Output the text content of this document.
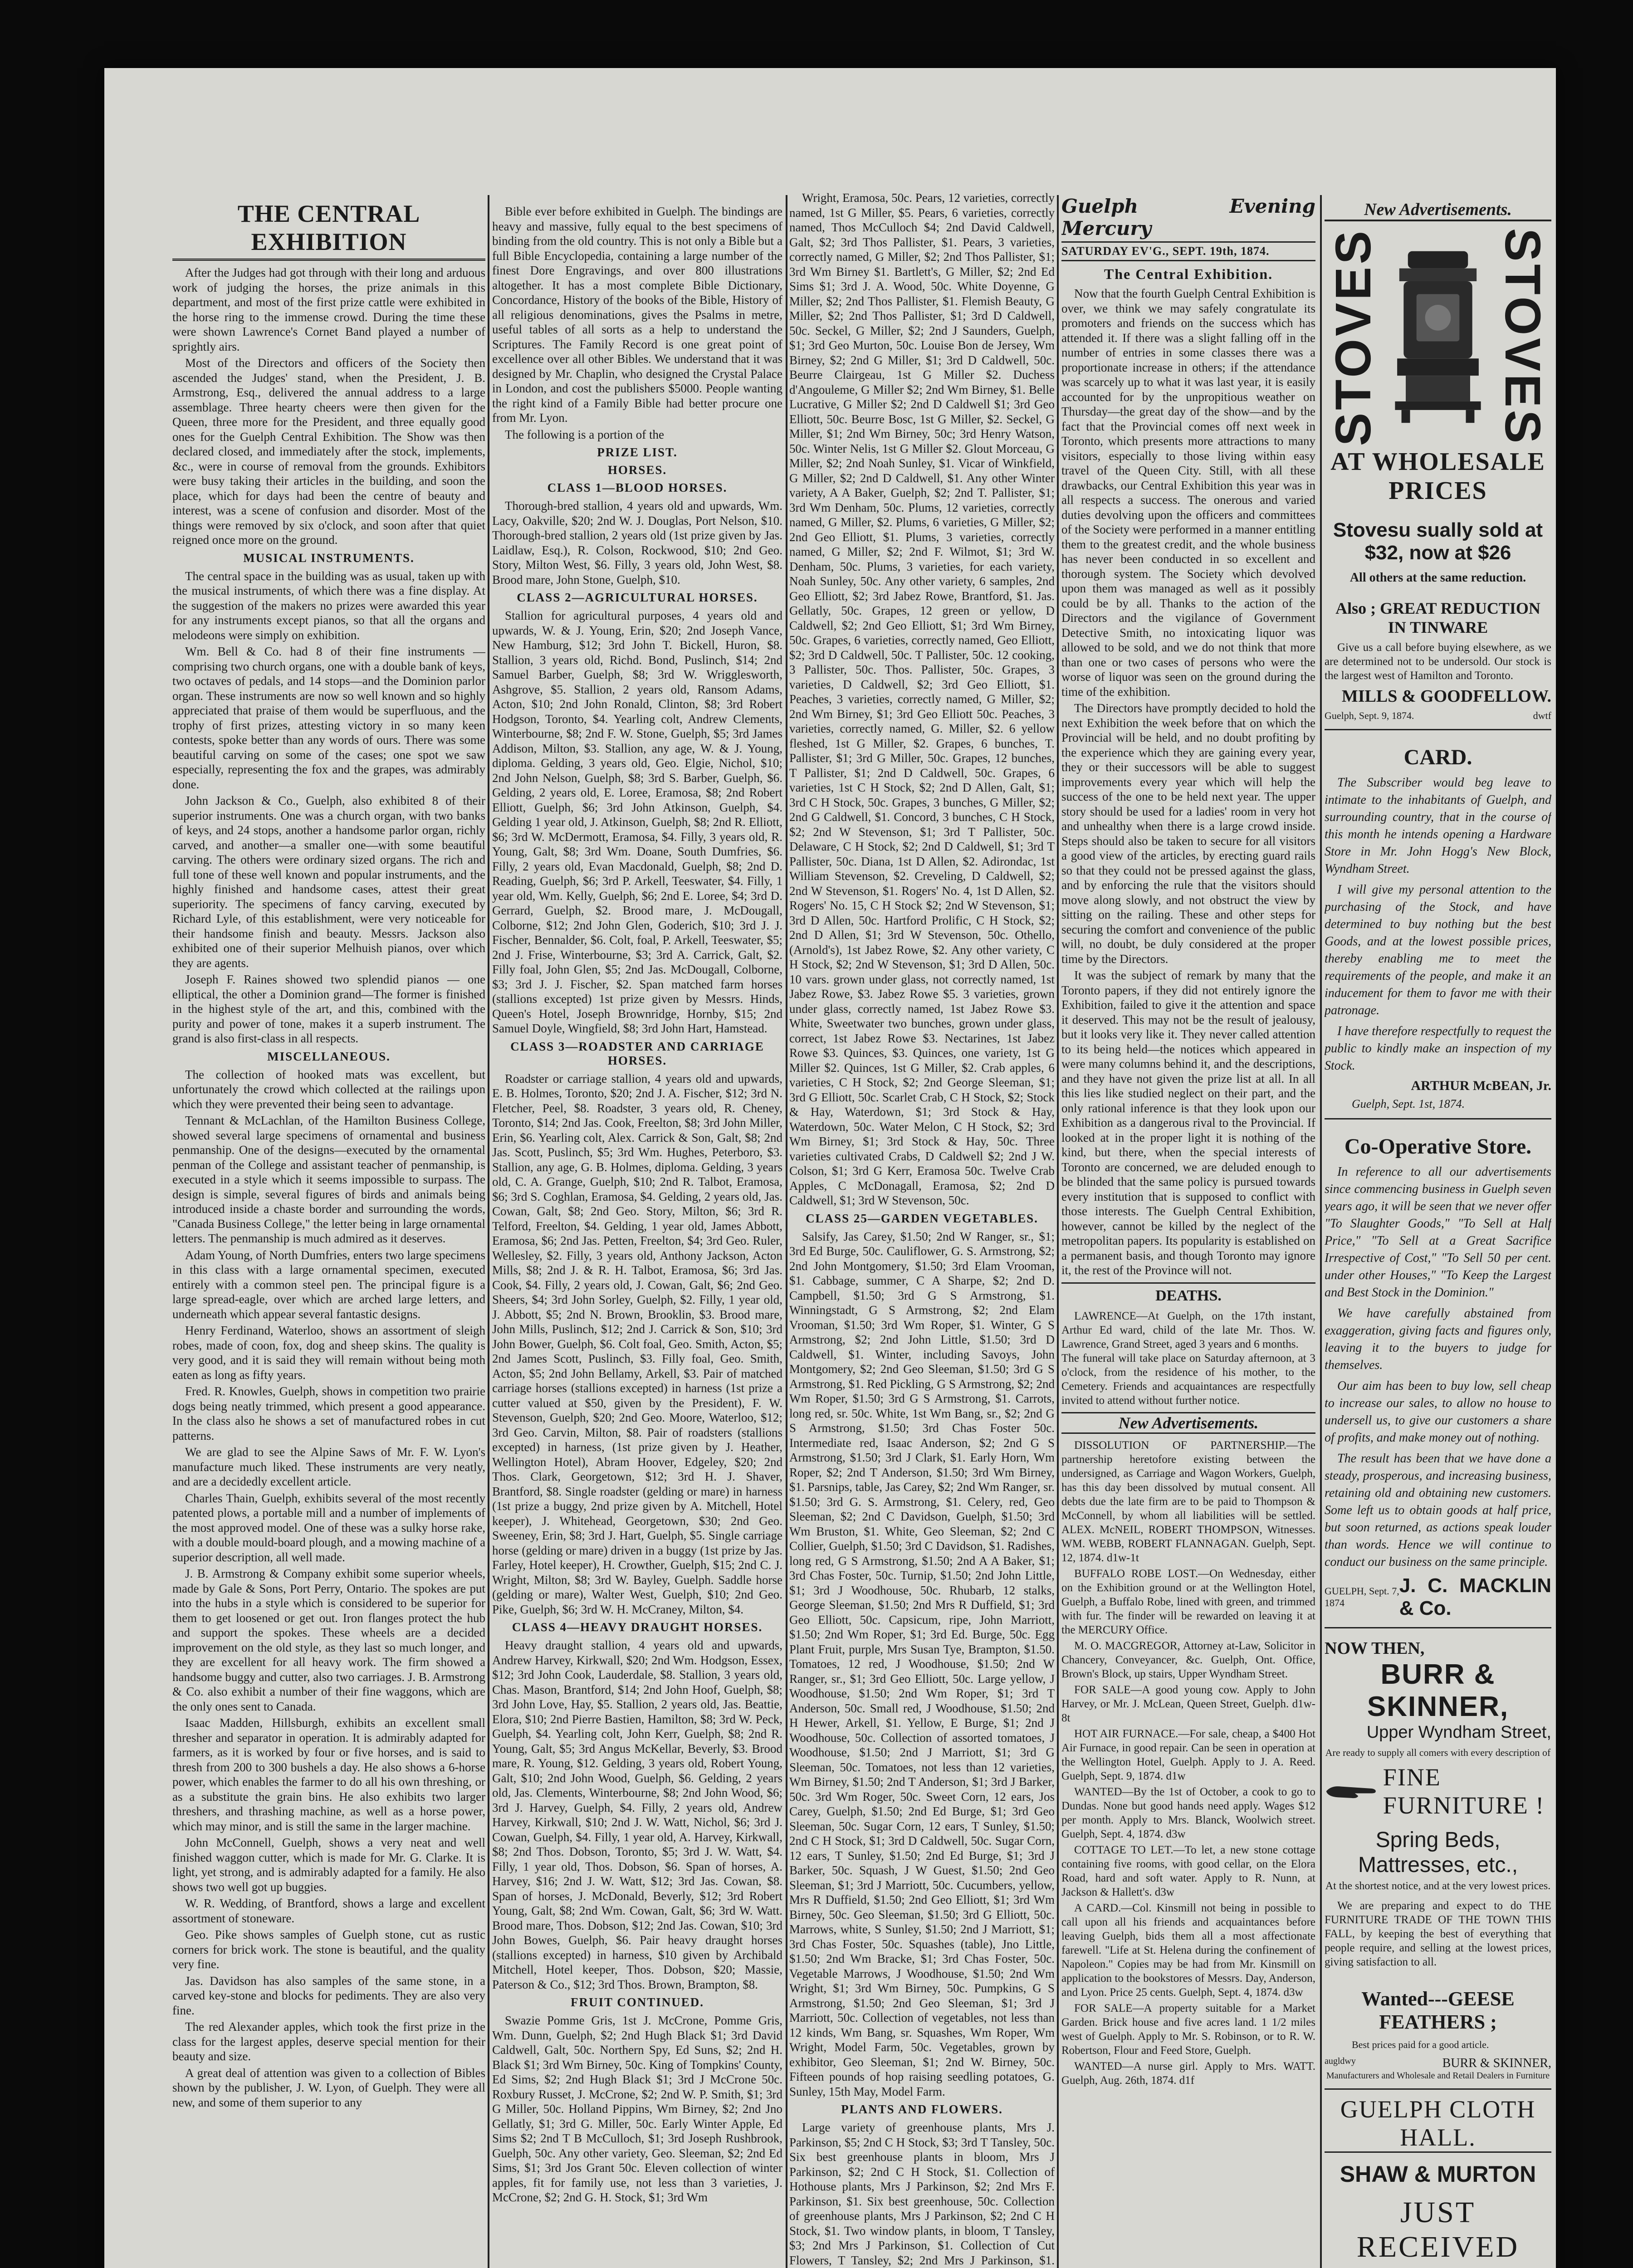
THE CENTRAL EXHIBITION

After the Judges had got through with their long and arduous work of judging the horses, the prize animals in this department, and most of the first prize cattle were exhibited in the horse ring to the immense crowd. During the time these were shown Lawrence's Cornet Band played a number of sprightly airs.

Most of the Directors and officers of the Society then ascended the Judges' stand, when the President, J. B. Armstrong, Esq., delivered the annual address to a large assemblage. Three hearty cheers were then given for the Queen, three more for the President, and three equally good ones for the Guelph Central Exhibition. The Show was then declared closed, and immediately after the stock, implements, &c., were in course of removal from the grounds. Exhibitors were busy taking their articles in the building, and soon the place, which for days had been the centre of beauty and interest, was a scene of confusion and disorder. Most of the things were removed by six o'clock, and soon after that quiet reigned once more on the ground.

MUSICAL INSTRUMENTS.

The central space in the building was as usual, taken up with the musical instruments, of which there was a fine display. At the suggestion of the makers no prizes were awarded this year for any instruments except pianos, so that all the organs and melodeons were simply on exhibition.

Wm. Bell & Co. had 8 of their fine instruments — comprising two church organs, one with a double bank of keys, two octaves of pedals, and 14 stops—and the Dominion parlor organ. These instruments are now so well known and so highly appreciated that praise of them would be superfluous, and the trophy of first prizes, attesting victory in so many keen contests, spoke better than any words of ours. There was some beautiful carving on some of the cases; one spot we saw especially, representing the fox and the grapes, was admirably done.

John Jackson & Co., Guelph, also exhibited 8 of their superior instruments. One was a church organ, with two banks of keys, and 24 stops, another a handsome parlor organ, richly carved, and another—a smaller one—with some beautiful carving. The others were ordinary sized organs. The rich and full tone of these well known and popular instruments, and the highly finished and handsome cases, attest their great superiority. The specimens of fancy carving, executed by Richard Lyle, of this establishment, were very noticeable for their handsome finish and beauty. Messrs. Jackson also exhibited one of their superior Melhuish pianos, over which they are agents.

Joseph F. Raines showed two splendid pianos — one elliptical, the other a Dominion grand—The former is finished in the highest style of the art, and this, combined with the purity and power of tone, makes it a superb instrument. The grand is also first-class in all respects.

MISCELLANEOUS.

The collection of hooked mats was excellent, but unfortunately the crowd which collected at the railings upon which they were prevented their being seen to advantage.

Tennant & McLachlan, of the Hamilton Business College, showed several large specimens of ornamental and business penmanship. One of the designs—executed by the ornamental penman of the College and assistant teacher of penmanship, is executed in a style which it seems impossible to surpass. The design is simple, several figures of birds and animals being introduced inside a chaste border and surrounding the words, "Canada Business College," the letter being in large ornamental letters. The penmanship is much admired as it deserves.

Adam Young, of North Dumfries, enters two large specimens in this class with a large ornamental specimen, executed entirely with a common steel pen. The principal figure is a large spread-eagle, over which are arched large letters, and underneath which appear several fantastic designs.

Henry Ferdinand, Waterloo, shows an assortment of sleigh robes, made of coon, fox, dog and sheep skins. The quality is very good, and it is said they will remain without being moth eaten as long as fifty years.

Fred. R. Knowles, Guelph, shows in competition two prairie dogs being neatly trimmed, which present a good appearance. In the class also he shows a set of manufactured robes in cut patterns.

We are glad to see the Alpine Saws of Mr. F. W. Lyon's manufacture much liked. These instruments are very neatly, and are a decidedly excellent article.

Charles Thain, Guelph, exhibits several of the most recently patented plows, a portable mill and a number of implements of the most approved model. One of these was a sulky horse rake, with a double mould-board plough, and a mowing machine of a superior description, all well made.

J. B. Armstrong & Company exhibit some superior wheels, made by Gale & Sons, Port Perry, Ontario. The spokes are put into the hubs in a style which is considered to be superior for them to get loosened or get out. Iron flanges protect the hub and support the spokes. These wheels are a decided improvement on the old style, as they last so much longer, and they are excellent for all heavy work. The firm showed a handsome buggy and cutter, also two carriages. J. B. Armstrong & Co. also exhibit a number of their fine waggons, which are the only ones sent to Canada.

Isaac Madden, Hillsburgh, exhibits an excellent small thresher and separator in operation. It is admirably adapted for farmers, as it is worked by four or five horses, and is said to thresh from 200 to 300 bushels a day. He also shows a 6-horse power, which enables the farmer to do all his own threshing, or as a substitute the grain bins. He also exhibits two larger threshers, and thrashing machine, as well as a horse power, which may minor, and is still the same in the larger machine.

John McConnell, Guelph, shows a very neat and well finished waggon cutter, which is made for Mr. G. Clarke. It is light, yet strong, and is admirably adapted for a family. He also shows two well got up buggies.

W. R. Wedding, of Brantford, shows a large and excellent assortment of stoneware.

Geo. Pike shows samples of Guelph stone, cut as rustic corners for brick work. The stone is beautiful, and the quality very fine.

Jas. Davidson has also samples of the same stone, in a carved key-stone and blocks for pediments. They are also very fine.

The red Alexander apples, which took the first prize in the class for the largest apples, deserve special mention for their beauty and size.

A great deal of attention was given to a collection of Bibles shown by the publisher, J. W. Lyon, of Guelph. They were all new, and some of them superior to any

Bible ever before exhibited in Guelph. The bindings are heavy and massive, fully equal to the best specimens of binding from the old country. This is not only a Bible but a full Bible Encyclopedia, containing a large number of the finest Dore Engravings, and over 800 illustrations altogether. It has a most complete Bible Dictionary, Concordance, History of the books of the Bible, History of all religious denominations, gives the Psalms in metre, useful tables of all sorts as a help to understand the Scriptures. The Family Record is one great point of excellence over all other Bibles. We understand that it was designed by Mr. Chaplin, who designed the Crystal Palace in London, and cost the publishers $5000. People wanting the right kind of a Family Bible had better procure one from Mr. Lyon.

The following is a portion of the

PRIZE LIST.
HORSES.
CLASS 1—BLOOD HORSES.

Thorough-bred stallion, 4 years old and upwards, Wm. Lacy, Oakville, $20; 2nd W. J. Douglas, Port Nelson, $10. Thorough-bred stallion, 2 years old (1st prize given by Jas. Laidlaw, Esq.), R. Colson, Rockwood, $10; 2nd Geo. Story, Milton West, $6. Filly, 3 years old, John West, $8. Brood mare, John Stone, Guelph, $10.

CLASS 2—AGRICULTURAL HORSES.

Stallion for agricultural purposes, 4 years old and upwards, W. & J. Young, Erin, $20; 2nd Joseph Vance, New Hamburg, $12; 3rd John T. Bickell, Huron, $8. Stallion, 3 years old, Richd. Bond, Puslinch, $14; 2nd Samuel Barber, Guelph, $8; 3rd W. Wrigglesworth, Ashgrove, $5. Stallion, 2 years old, Ransom Adams, Acton, $10; 2nd John Ronald, Clinton, $8; 3rd Robert Hodgson, Toronto, $4. Yearling colt, Andrew Clements, Winterbourne, $8; 2nd F. W. Stone, Guelph, $5; 3rd James Addison, Milton, $3. Stallion, any age, W. & J. Young, diploma. Gelding, 3 years old, Geo. Elgie, Nichol, $10; 2nd John Nelson, Guelph, $8; 3rd S. Barber, Guelph, $6. Gelding, 2 years old, E. Loree, Eramosa, $8; 2nd Robert Elliott, Guelph, $6; 3rd John Atkinson, Guelph, $4. Gelding 1 year old, J. Atkinson, Guelph, $8; 2nd R. Elliott, $6; 3rd W. McDermott, Eramosa, $4. Filly, 3 years old, R. Young, Galt, $8; 3rd Wm. Doane, South Dumfries, $6. Filly, 2 years old, Evan Macdonald, Guelph, $8; 2nd D. Reading, Guelph, $6; 3rd P. Arkell, Teeswater, $4. Filly, 1 year old, Wm. Kelly, Guelph, $6; 2nd E. Loree, $4; 3rd D. Gerrard, Guelph, $2. Brood mare, J. McDougall, Colborne, $12; 2nd John Glen, Goderich, $10; 3rd J. J. Fischer, Bennalder, $6. Colt, foal, P. Arkell, Teeswater, $5; 2nd J. Frise, Winterbourne, $3; 3rd A. Carrick, Galt, $2. Filly foal, John Glen, $5; 2nd Jas. McDougall, Colborne, $3; 3rd J. J. Fischer, $2. Span matched farm horses (stallions excepted) 1st prize given by Messrs. Hinds, Queen's Hotel, Joseph Brownridge, Hornby, $15; 2nd Samuel Doyle, Wingfield, $8; 3rd John Hart, Hamstead.

CLASS 3—ROADSTER AND CARRIAGE HORSES.

Roadster or carriage stallion, 4 years old and upwards, E. B. Holmes, Toronto, $20; 2nd J. A. Fischer, $12; 3rd N. Fletcher, Peel, $8. Roadster, 3 years old, R. Cheney, Toronto, $14; 2nd Jas. Cook, Freelton, $8; 3rd John Miller, Erin, $6. Yearling colt, Alex. Carrick & Son, Galt, $8; 2nd Jas. Scott, Puslinch, $5; 3rd Wm. Hughes, Peterboro, $3. Stallion, any age, G. B. Holmes, diploma. Gelding, 3 years old, C. A. Grange, Guelph, $10; 2nd R. Talbot, Eramosa, $6; 3rd S. Coghlan, Eramosa, $4. Gelding, 2 years old, Jas. Cowan, Galt, $8; 2nd Geo. Story, Milton, $6; 3rd R. Telford, Freelton, $4. Gelding, 1 year old, James Abbott, Eramosa, $6; 2nd Jas. Petten, Freelton, $4; 3rd Geo. Ruler, Wellesley, $2. Filly, 3 years old, Anthony Jackson, Acton Mills, $8; 2nd J. & R. H. Talbot, Eramosa, $6; 3rd Jas. Cook, $4. Filly, 2 years old, J. Cowan, Galt, $6; 2nd Geo. Sheers, $4; 3rd John Sorley, Guelph, $2. Filly, 1 year old, J. Abbott, $5; 2nd N. Brown, Brooklin, $3. Brood mare, John Mills, Puslinch, $12; 2nd J. Carrick & Son, $10; 3rd John Bower, Guelph, $6. Colt foal, Geo. Smith, Acton, $5; 2nd James Scott, Puslinch, $3. Filly foal, Geo. Smith, Acton, $5; 2nd John Bellamy, Arkell, $3. Pair of matched carriage horses (stallions excepted) in harness (1st prize a cutter valued at $50, given by the President), F. W. Stevenson, Guelph, $20; 2nd Geo. Moore, Waterloo, $12; 3rd Geo. Carvin, Milton, $8. Pair of roadsters (stallions excepted) in harness, (1st prize given by J. Heather, Wellington Hotel), Abram Hoover, Edgeley, $20; 2nd Thos. Clark, Georgetown, $12; 3rd H. J. Shaver, Brantford, $8. Single roadster (gelding or mare) in harness (1st prize a buggy, 2nd prize given by A. Mitchell, Hotel keeper), J. Whitehead, Georgetown, $30; 2nd Geo. Sweeney, Erin, $8; 3rd J. Hart, Guelph, $5. Single carriage horse (gelding or mare) driven in a buggy (1st prize by Jas. Farley, Hotel keeper), H. Crowther, Guelph, $15; 2nd C. J. Wright, Milton, $8; 3rd W. Bayley, Guelph. Saddle horse (gelding or mare), Walter West, Guelph, $10; 2nd Geo. Pike, Guelph, $6; 3rd W. H. McCraney, Milton, $4.

CLASS 4—HEAVY DRAUGHT HORSES.

Heavy draught stallion, 4 years old and upwards, Andrew Harvey, Kirkwall, $20; 2nd Wm. Hodgson, Essex, $12; 3rd John Cook, Lauderdale, $8. Stallion, 3 years old, Chas. Mason, Brantford, $14; 2nd John Hoof, Guelph, $8; 3rd John Love, Hay, $5. Stallion, 2 years old, Jas. Beattie, Elora, $10; 2nd Pierre Bastien, Hamilton, $8; 3rd W. Peck, Guelph, $4. Yearling colt, John Kerr, Guelph, $8; 2nd R. Young, Galt, $5; 3rd Angus McKellar, Beverly, $3. Brood mare, R. Young, $12. Gelding, 3 years old, Robert Young, Galt, $10; 2nd John Wood, Guelph, $6. Gelding, 2 years old, Jas. Clements, Winterbourne, $8; 2nd John Wood, $6; 3rd J. Harvey, Guelph, $4. Filly, 2 years old, Andrew Harvey, Kirkwall, $10; 2nd J. W. Watt, Nichol, $6; 3rd J. Cowan, Guelph, $4. Filly, 1 year old, A. Harvey, Kirkwall, $8; 2nd Thos. Dobson, Toronto, $5; 3rd J. W. Watt, $4. Filly, 1 year old, Thos. Dobson, $6. Span of horses, A. Harvey, $16; 2nd J. W. Watt, $12; 3rd Jas. Cowan, $8. Span of horses, J. McDonald, Beverly, $12; 3rd Robert Young, Galt, $8; 2nd Wm. Cowan, Galt, $6; 3rd W. Watt. Brood mare, Thos. Dobson, $12; 2nd Jas. Cowan, $10; 3rd John Bowes, Guelph, $6. Pair heavy draught horses (stallions excepted) in harness, $10 given by Archibald Mitchell, Hotel keeper, Thos. Dobson, $20; Massie, Paterson & Co., $12; 3rd Thos. Brown, Brampton, $8.

FRUIT CONTINUED.

Swazie Pomme Gris, 1st J. McCrone, Pomme Gris, Wm. Dunn, Guelph, $2; 2nd Hugh Black $1; 3rd David Caldwell, Galt, 50c. Northern Spy, Ed Suns, $2; 2nd H. Black $1; 3rd Wm Birney, 50c. King of Tompkins' County, Ed Sims, $2; 2nd Hugh Black $1; 3rd J McCrone 50c. Roxbury Russet, J. McCrone, $2; 2nd W. P. Smith, $1; 3rd G Miller, 50c. Holland Pippins, Wm Birney, $2; 2nd Jno Gellatly, $1; 3rd G. Miller, 50c. Early Winter Apple, Ed Sims $2; 2nd T B McCulloch, $1; 3rd Joseph Rushbrook, Guelph, 50c. Any other variety, Geo. Sleeman, $2; 2nd Ed Sims, $1; 3rd Jos Grant 50c. Eleven collection of winter apples, fit for family use, not less than 3 varieties, J. McCrone, $2; 2nd G. H. Stock, $1; 3rd Wm

Wright, Eramosa, 50c. Pears, 12 varieties, correctly named, 1st G Miller, $5. Pears, 6 varieties, correctly named, Thos McCulloch $4; 2nd David Caldwell, Galt, $2; 3rd Thos Pallister, $1. Pears, 3 varieties, correctly named, G Miller, $2; 2nd Thos Pallister, $1; 3rd Wm Birney $1. Bartlett's, G Miller, $2; 2nd Ed Sims $1; 3rd J. A. Wood, 50c. White Doyenne, G Miller, $2; 2nd Thos Pallister, $1. Flemish Beauty, G Miller, $2; 2nd Thos Pallister, $1; 3rd D Caldwell, 50c. Seckel, G Miller, $2; 2nd J Saunders, Guelph, $1; 3rd Geo Murton, 50c. Louise Bon de Jersey, Wm Birney, $2; 2nd G Miller, $1; 3rd D Caldwell, 50c. Beurre Clairgeau, 1st G Miller $2. Duchess d'Angouleme, G Miller $2; 2nd Wm Birney, $1. Belle Lucrative, G Miller $2; 2nd D Caldwell $1; 3rd Geo Elliott, 50c. Beurre Bosc, 1st G Miller, $2. Seckel, G Miller, $1; 2nd Wm Birney, 50c; 3rd Henry Watson, 50c. Winter Nelis, 1st G Miller $2. Glout Morceau, G Miller, $2; 2nd Noah Sunley, $1. Vicar of Winkfield, G Miller, $2; 2nd D Caldwell, $1. Any other Winter variety, A A Baker, Guelph, $2; 2nd T. Pallister, $1; 3rd Wm Denham, 50c. Plums, 12 varieties, correctly named, G Miller, $2. Plums, 6 varieties, G Miller, $2; 2nd Geo Elliott, $1. Plums, 3 varieties, correctly named, G Miller, $2; 2nd F. Wilmot, $1; 3rd W. Denham, 50c. Plums, 3 varieties, for each variety, Noah Sunley, 50c. Any other variety, 6 samples, 2nd Geo Elliott, $2; 3rd Jabez Rowe, Brantford, $1. Jas. Gellatly, 50c. Grapes, 12 green or yellow, D Caldwell, $2; 2nd Geo Elliott, $1; 3rd Wm Birney, 50c. Grapes, 6 varieties, correctly named, Geo Elliott, $2; 3rd D Caldwell, 50c. T Pallister, 50c. 12 cooking, 3 Pallister, 50c. Thos. Pallister, 50c. Grapes, 3 varieties, D Caldwell, $2; 3rd Geo Elliott, $1. Peaches, 3 varieties, correctly named, G Miller, $2; 2nd Wm Birney, $1; 3rd Geo Elliott 50c. Peaches, 3 varieties, correctly named, G. Miller, $2. 6 yellow fleshed, 1st G Miller, $2. Grapes, 6 bunches, T. Pallister, $1; 3rd G Miller, 50c. Grapes, 12 bunches, T Pallister, $1; 2nd D Caldwell, 50c. Grapes, 6 varieties, 1st C H Stock, $2; 2nd D Allen, Galt, $1; 3rd C H Stock, 50c. Grapes, 3 bunches, G Miller, $2; 2nd G Caldwell, $1. Concord, 3 bunches, C H Stock, $2; 2nd W Stevenson, $1; 3rd T Pallister, 50c. Delaware, C H Stock, $2; 2nd D Caldwell, $1; 3rd T Pallister, 50c. Diana, 1st D Allen, $2. Adirondac, 1st William Stevenson, $2. Creveling, D Caldwell, $2; 2nd W Stevenson, $1. Rogers' No. 4, 1st D Allen, $2. Rogers' No. 15, C H Stock $2; 2nd W Stevenson, $1; 3rd D Allen, 50c. Hartford Prolific, C H Stock, $2; 2nd D Allen, $1; 3rd W Stevenson, 50c. Othello, (Arnold's), 1st Jabez Rowe, $2. Any other variety, C H Stock, $2; 2nd W Stevenson, $1; 3rd D Allen, 50c. 10 vars. grown under glass, not correctly named, 1st Jabez Rowe, $3. Jabez Rowe $5. 3 varieties, grown under glass, correctly named, 1st Jabez Rowe $3. White, Sweetwater two bunches, grown under glass, correct, 1st Jabez Rowe $3. Nectarines, 1st Jabez Rowe $3. Quinces, $3. Quinces, one variety, 1st G Miller $2. Quinces, 1st G Miller, $2. Crab apples, 6 varieties, C H Stock, $2; 2nd George Sleeman, $1; 3rd G Elliott, 50c. Scarlet Crab, C H Stock, $2; Stock & Hay, Waterdown, $1; 3rd Stock & Hay, Waterdown, 50c. Water Melon, C H Stock, $2; 3rd Wm Birney, $1; 3rd Stock & Hay, 50c. Three varieties cultivated Crabs, D Caldwell $2; 2nd J W. Colson, $1; 3rd G Kerr, Eramosa 50c. Twelve Crab Apples, C McDonagall, Eramosa, $2; 2nd D Caldwell, $1; 3rd W Stevenson, 50c.

CLASS 25—GARDEN VEGETABLES.

Salsify, Jas Carey, $1.50; 2nd W Ranger, sr., $1; 3rd Ed Burge, 50c. Cauliflower, G. S. Armstrong, $2; 2nd John Montgomery, $1.50; 3rd Elam Vrooman, $1. Cabbage, summer, C A Sharpe, $2; 2nd D. Campbell, $1.50; 3rd G S Armstrong, $1. Winningstadt, G S Armstrong, $2; 2nd Elam Vrooman, $1.50; 3rd Wm Roper, $1. Winter, G S Armstrong, $2; 2nd John Little, $1.50; 3rd D Caldwell, $1. Winter, including Savoys, John Montgomery, $2; 2nd Geo Sleeman, $1.50; 3rd G S Armstrong, $1. Red Pickling, G S Armstrong, $2; 2nd Wm Roper, $1.50; 3rd G S Armstrong, $1. Carrots, long red, sr. 50c. White, 1st Wm Bang, sr., $2; 2nd G S Armstrong, $1.50; 3rd Chas Foster 50c. Intermediate red, Isaac Anderson, $2; 2nd G S Armstrong, $1.50; 3rd J Clark, $1. Early Horn, Wm Roper, $2; 2nd T Anderson, $1.50; 3rd Wm Birney, $1. Parsnips, table, Jas Carey, $2; 2nd Wm Ranger, sr. $1.50; 3rd G. S. Armstrong, $1. Celery, red, Geo Sleeman, $2; 2nd C Davidson, Guelph, $1.50; 3rd Wm Bruston, $1. White, Geo Sleeman, $2; 2nd C Collier, Guelph, $1.50; 3rd C Davidson, $1. Radishes, long red, G S Armstrong, $1.50; 2nd A A Baker, $1; 3rd Chas Foster, 50c. Turnip, $1.50; 2nd John Little, $1; 3rd J Woodhouse, 50c. Rhubarb, 12 stalks, George Sleeman, $1.50; 2nd Mrs R Duffield, $1; 3rd Geo Elliott, 50c. Capsicum, ripe, John Marriott, $1.50; 2nd Wm Roper, $1; 3rd Ed. Burge, 50c. Egg Plant Fruit, purple, Mrs Susan Tye, Brampton, $1.50. Tomatoes, 12 red, J Woodhouse, $1.50; 2nd W Ranger, sr., $1; 3rd Geo Elliott, 50c. Large yellow, J Woodhouse, $1.50; 2nd Wm Roper, $1; 3rd T Anderson, 50c. Small red, J Woodhouse, $1.50; 2nd H Hewer, Arkell, $1. Yellow, E Burge, $1; 2nd J Woodhouse, 50c. Collection of assorted tomatoes, J Woodhouse, $1.50; 2nd J Marriott, $1; 3rd G Sleeman, 50c. Tomatoes, not less than 12 varieties, Wm Birney, $1.50; 2nd T Anderson, $1; 3rd J Barker, 50c. 3rd Wm Roger, 50c. Sweet Corn, 12 ears, Jos Carey, Guelph, $1.50; 2nd Ed Burge, $1; 3rd Geo Sleeman, 50c. Sugar Corn, 12 ears, T Sunley, $1.50; 2nd C H Stock, $1; 3rd D Caldwell, 50c. Sugar Corn, 12 ears, T Sunley, $1.50; 2nd Ed Burge, $1; 3rd J Barker, 50c. Squash, J W Guest, $1.50; 2nd Geo Sleeman, $1; 3rd J Marriott, 50c. Cucumbers, yellow, Mrs R Duffield, $1.50; 2nd Geo Elliott, $1; 3rd Wm Birney, 50c. Geo Sleeman, $1.50; 3rd G Elliott, 50c. Marrows, white, S Sunley, $1.50; 2nd J Marriott, $1; 3rd Chas Foster, 50c. Squashes (table), Jno Little, $1.50; 2nd Wm Bracke, $1; 3rd Chas Foster, 50c. Vegetable Marrows, J Woodhouse, $1.50; 2nd Wm Wright, $1; 3rd Wm Birney, 50c. Pumpkins, G S Armstrong, $1.50; 2nd Geo Sleeman, $1; 3rd J Marriott, 50c. Collection of vegetables, not less than 12 kinds, Wm Bang, sr. Squashes, Wm Roper, Wm Wright, Model Farm, 50c. Vegetables, grown by exhibitor, Geo Sleeman, $1; 2nd W. Birney, 50c. Fifteen pounds of hop raising seedling potatoes, G. Sunley, 15th May, Model Farm.

PLANTS AND FLOWERS.

Large variety of greenhouse plants, Mrs J. Parkinson, $5; 2nd C H Stock, $3; 3rd T Tansley, 50c. Six best greenhouse plants in bloom, Mrs J Parkinson, $2; 2nd C H Stock, $1. Collection of Hothouse plants, Mrs J Parkinson, $2; 2nd Mrs F. Parkinson, $1. Six best greenhouse, 50c. Collection of greenhouse plants, Mrs J Parkinson, $2; 2nd C H Stock, $1. Two window plants, in bloom, T Tansley, $3; 2nd Mrs J Parkinson, $1. Collection of Cut Flowers, T Tansley, $2; 2nd Mrs J Parkinson, $1.

Guelph Evening Mercury
SATURDAY EV'G., SEPT. 19th, 1874.
The Central Exhibition.

Now that the fourth Guelph Central Exhibition is over, we think we may safely congratulate its promoters and friends on the success which has attended it. If there was a slight falling off in the number of entries in some classes there was a proportionate increase in others; if the attendance was scarcely up to what it was last year, it is easily accounted for by the unpropitious weather on Thursday—the great day of the show—and by the fact that the Provincial comes off next week in Toronto, which presents more attractions to many visitors, especially to those living within easy travel of the Queen City. Still, with all these drawbacks, our Central Exhibition this year was in all respects a success. The onerous and varied duties devolving upon the officers and committees of the Society were performed in a manner entitling them to the greatest credit, and the whole business has never been conducted in so excellent and thorough system. The Society which devolved upon them was managed as well as it possibly could be by all. Thanks to the action of the Directors and the vigilance of Government Detective Smith, no intoxicating liquor was allowed to be sold, and we do not think that more than one or two cases of persons who were the worse of liquor was seen on the ground during the time of the exhibition.

The Directors have promptly decided to hold the next Exhibition the week before that on which the Provincial will be held, and no doubt profiting by the experience which they are gaining every year, they or their successors will be able to suggest improvements every year which will help the success of the one to be held next year. The upper story should be used for a ladies' room in very hot and unhealthy when there is a large crowd inside. Steps should also be taken to secure for all visitors a good view of the articles, by erecting guard rails so that they could not be pressed against the glass, and by enforcing the rule that the visitors should move along slowly, and not obstruct the view by sitting on the railing. These and other steps for securing the comfort and convenience of the public will, no doubt, be duly considered at the proper time by the Directors.

It was the subject of remark by many that the Toronto papers, if they did not entirely ignore the Exhibition, failed to give it the attention and space it deserved. This may not be the result of jealousy, but it looks very like it. They never called attention to its being held—the notices which appeared in were many columns behind it, and the descriptions, and they have not given the prize list at all. In all this lies like studied neglect on their part, and the only rational inference is that they look upon our Exhibition as a dangerous rival to the Provincial. If looked at in the proper light it is nothing of the kind, but there, when the special interests of Toronto are concerned, we are deluded enough to be blinded that the same policy is pursued towards every institution that is supposed to conflict with those interests. The Guelph Central Exhibition, however, cannot be killed by the neglect of the metropolitan papers. Its popularity is established on a permanent basis, and though Toronto may ignore it, the rest of the Province will not.

DEATHS.

LAWRENCE—At Guelph, on the 17th instant, Arthur Ed ward, child of the late Mr. Thos. W. Lawrence, Grand Street, aged 3 years and 6 months.
The funeral will take place on Saturday afternoon, at 3 o'clock, from the residence of his mother, to the Cemetery. Friends and acquaintances are respectfully invited to attend without further notice.

New Advertisements.

DISSOLUTION OF PARTNERSHIP.—The partnership heretofore existing between the undersigned, as Carriage and Wagon Workers, Guelph, has this day been dissolved by mutual consent. All debts due the late firm are to be paid to Thompson & McConnell, by whom all liabilities will be settled. ALEX. McNEIL, ROBERT THOMPSON, Witnesses. WM. WEBB, ROBERT FLANNAGAN. Guelph, Sept. 12, 1874. d1w-1t

BUFFALO ROBE LOST.—On Wednesday, either on the Exhibition ground or at the Wellington Hotel, Guelph, a Buffalo Robe, lined with green, and trimmed with fur. The finder will be rewarded on leaving it at the MERCURY Office.

M. O. MACGREGOR, Attorney at-Law, Solicitor in Chancery, Conveyancer, &c. Guelph, Ont. Office, Brown's Block, up stairs, Upper Wyndham Street.

FOR SALE—A good young cow. Apply to John Harvey, or Mr. J. McLean, Queen Street, Guelph. d1w-8t

HOT AIR FURNACE.—For sale, cheap, a $400 Hot Air Furnace, in good repair. Can be seen in operation at the Wellington Hotel, Guelph. Apply to J. A. Reed. Guelph, Sept. 9, 1874. d1w

WANTED—By the 1st of October, a cook to go to Dundas. None but good hands need apply. Wages $12 per month. Apply to Mrs. Blanck, Woolwich street. Guelph, Sept. 4, 1874. d3w

COTTAGE TO LET.—To let, a new stone cottage containing five rooms, with good cellar, on the Elora Road, hard and soft water. Apply to R. Nunn, at Jackson & Hallett's. d3w

A CARD.—Col. Kinsmill not being in possible to call upon all his friends and acquaintances before leaving Guelph, bids them all a most affectionate farewell. "Life at St. Helena during the confinement of Napoleon." Copies may be had from Mr. Kinsmill on application to the bookstores of Messrs. Day, Anderson, and Lyon. Price 25 cents. Guelph, Sept. 4, 1874. d3w

FOR SALE—A property suitable for a Market Garden. Brick house and five acres land. 1 1/2 miles west of Guelph. Apply to Mr. S. Robinson, or to R. W. Robertson, Flour and Feed Store, Guelph.

WANTED—A nurse girl. Apply to Mrs. WATT. Guelph, Aug. 26th, 1874. d1f

New Advertisements.
STOVES STOVES
AT WHOLESALE PRICES
Stovesu sually sold at $32, now at $26
All others at the same reduction.
Also ; GREAT REDUCTION IN TINWARE

Give us a call before buying elsewhere, as we are determined not to be undersold. Our stock is the largest west of Hamilton and Toronto.

MILLS & GOODFELLOW.
Guelph, Sept. 9, 1874.	dwtf
CARD.

The Subscriber would beg leave to intimate to the inhabitants of Guelph, and surrounding country, that in the course of this month he intends opening a Hardware Store in Mr. John Hogg's New Block, Wyndham Street.

I will give my personal attention to the purchasing of the Stock, and have determined to buy nothing but the best Goods, and at the lowest possible prices, thereby enabling me to meet the requirements of the people, and make it an inducement for them to favor me with their patronage.

I have therefore respectfully to request the public to kindly make an inspection of my Stock.

ARTHUR McBEAN, Jr.
Guelph, Sept. 1st, 1874.
Co-Operative Store.

In reference to all our advertisements since commencing business in Guelph seven years ago, it will be seen that we never offer "To Slaughter Goods," "To Sell at Half Price," "To Sell at a Great Sacrifice Irrespective of Cost," "To Sell 50 per cent. under other Houses," "To Keep the Largest and Best Stock in the Dominion."

We have carefully abstained from exaggeration, giving facts and figures only, leaving it to the buyers to judge for themselves.

Our aim has been to buy low, sell cheap to increase our sales, to allow no house to undersell us, to give our customers a share of profits, and make money out of nothing.

The result has been that we have done a steady, prosperous, and increasing business, retaining old and obtaining new customers. Some left us to obtain goods at half price, but soon returned, as actions speak louder than words. Hence we will continue to conduct our business on the same principle.

GUELPH, Sept. 7, 1874
J. C. MACKLIN & Co.
NOW THEN,
BURR & SKINNER,
Upper Wyndham Street,
Are ready to supply all comers with every description of
FINE FURNITURE !
Spring Beds, Mattresses, etc.,
At the shortest notice, and at the very lowest prices.

We are preparing and expect to do THE FURNITURE TRADE OF THE TOWN THIS FALL, by keeping the best of everything that people require, and selling at the lowest prices, giving satisfaction to all.

Wanted---GEESE FEATHERS ;
Best prices paid for a good article.
augldwy	BURR & SKINNER,
Manufacturers and Wholesale and Retail Dealers in Furniture
GUELPH CLOTH HALL.
SHAW & MURTON
JUST RECEIVED
